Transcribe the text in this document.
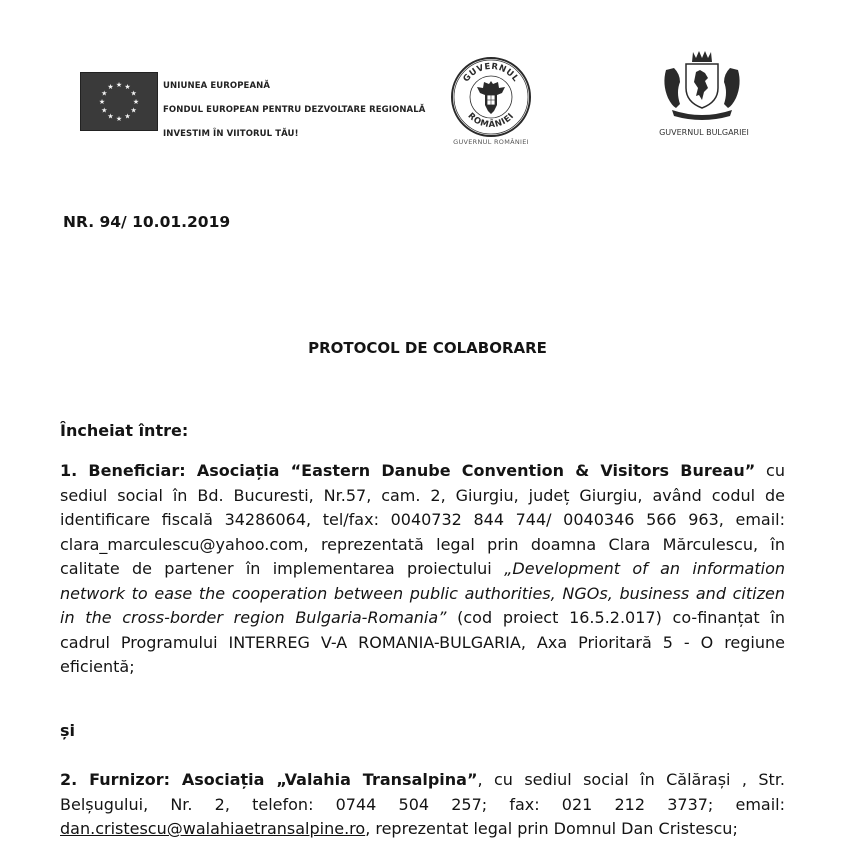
★ ★
★
★
★
★
★
★
★
★
★
★	UNIUNEA EUROPEANĂ
FONDUL EUROPEAN PENTRU DEZVOLTARE REGIONALĂ
INVESTIM ÎN VIITORUL TĂU!
GUVERNUL
ROMÂNIEI
GUVERNUL ROMÂNIEI
GUVERNUL BULGARIEI
NR. 94/ 10.01.2019
PROTOCOL DE COLABORARE
Încheiat între:
1. Beneficiar: Asociația “Eastern Danube Convention & Visitors Bureau” cu sediul social în Bd. Bucuresti, Nr.57, cam. 2, Giurgiu, județ Giurgiu, având codul de identificare fiscală 34286064, tel/fax: 0040732 844 744/ 0040346 566 963, email: clara_marculescu@yahoo.com, reprezentată legal prin doamna Clara Mărculescu, în calitate de partener în implementarea proiectului „Development of an information network to ease the cooperation between public authorities, NGOs, business and citizen in the cross-border region Bulgaria-Romania” (cod proiect 16.5.2.017) co-finanțat în cadrul Programului INTERREG V-A ROMANIA-BULGARIA, Axa Prioritară 5 - O regiune eficientă;
și
2. Furnizor: Asociația „Valahia Transalpina”, cu sediul social în Călărași , Str. Belșugului, Nr. 2, telefon: 0744 504 257; fax: 021 212 3737; email: dan.cristescu@walahiaetransalpine.ro, reprezentat legal prin Domnul Dan Cristescu;
